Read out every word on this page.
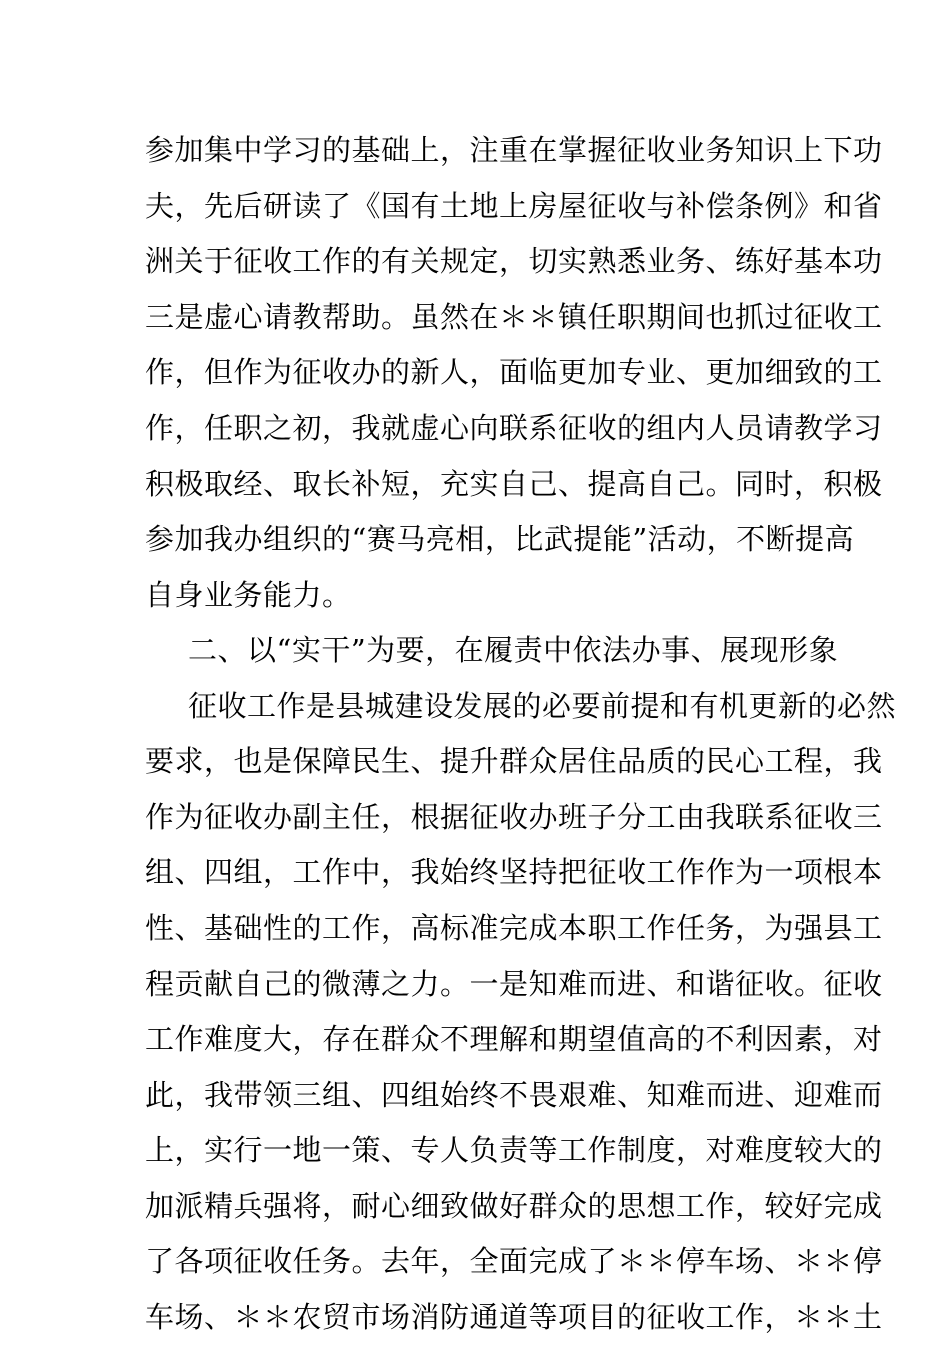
参加集中学习的基础上，注重在掌握征收业务知识上下功
夫，先后研读了《国有土地上房屋征收与补偿条例》和省
洲关于征收工作的有关规定，切实熟悉业务、练好基本功
三是虚心请教帮助。虽然在＊＊镇任职期间也抓过征收工
作，但作为征收办的新人，面临更加专业、更加细致的工
作，任职之初，我就虚心向联系征收的组内人员请教学习
积极取经、取长补短，充实自己、提高自己。同时，积极
参加我办组织的“赛马亮相，比武提能”活动，不断提高
自身业务能力。
二、以“实干”为要，在履责中依法办事、展现形象
征收工作是县城建设发展的必要前提和有机更新的必然
要求，也是保障民生、提升群众居住品质的民心工程，我
作为征收办副主任，根据征收办班子分工由我联系征收三
组、四组，工作中，我始终坚持把征收工作作为一项根本
性、基础性的工作，高标准完成本职工作任务，为强县工
程贡献自己的微薄之力。一是知难而进、和谐征收。征收
工作难度大，存在群众不理解和期望值高的不利因素，对
此，我带领三组、四组始终不畏艰难、知难而进、迎难而
上，实行一地一策、专人负责等工作制度，对难度较大的
加派精兵强将，耐心细致做好群众的思想工作，较好完成
了各项征收任务。去年，全面完成了＊＊停车场、＊＊停
车场、＊＊农贸市场消防通道等项目的征收工作，＊＊土
